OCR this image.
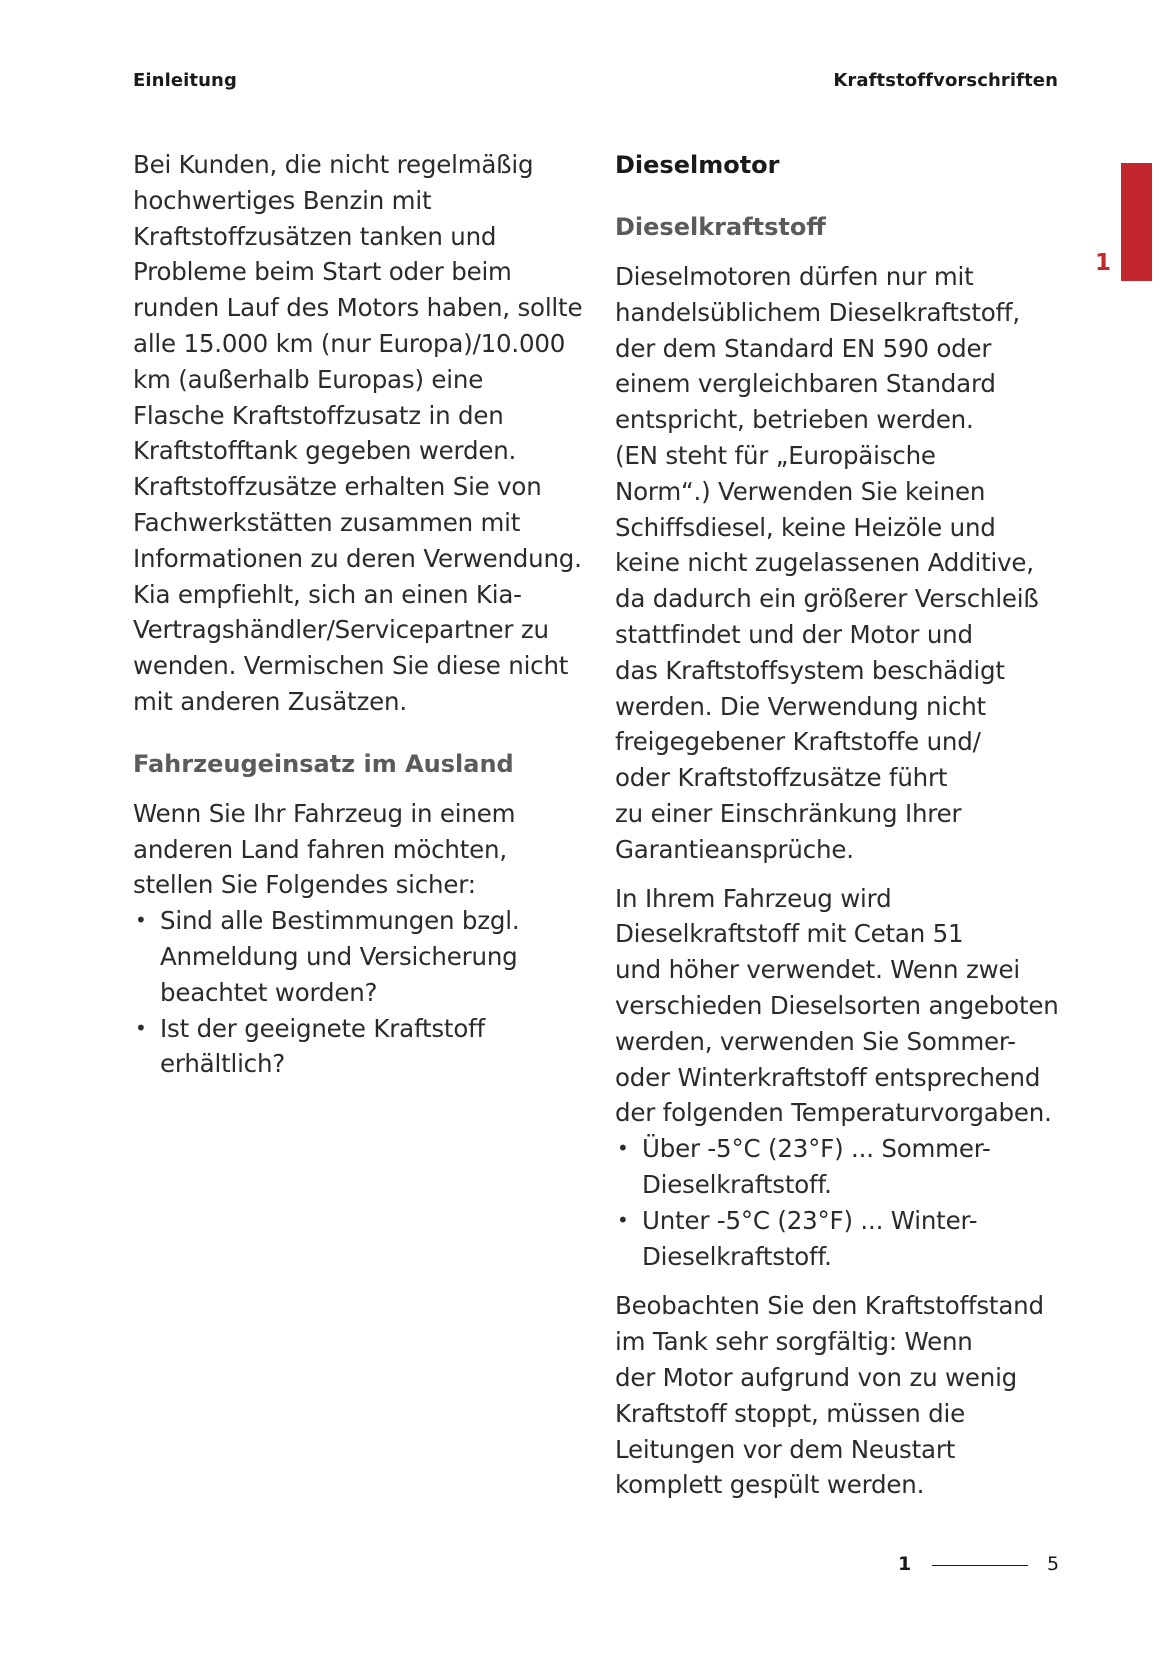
Einleitung	Kraftstoffvorschriften
1
Bei Kunden, die nicht regelmäßig
hochwertiges Benzin mit
Kraftstoffzusätzen tanken und
Probleme beim Start oder beim
runden Lauf des Motors haben, sollte
alle 15.000 km (nur Europa)/10.000
km (außerhalb Europas) eine
Flasche Kraftstoffzusatz in den
Kraftstofftank gegeben werden.
Kraftstoffzusätze erhalten Sie von
Fachwerkstätten zusammen mit
Informationen zu deren Verwendung.
Kia empfiehlt, sich an einen Kia-
Vertragshändler/Servicepartner zu
wenden. Vermischen Sie diese nicht
mit anderen Zusätzen.
Fahrzeugeinsatz im Ausland
Wenn Sie Ihr Fahrzeug in einem
anderen Land fahren möchten,
stellen Sie Folgendes sicher:
• Sind alle Bestimmungen bzgl.
Anmeldung und Versicherung
beachtet worden?
• Ist der geeignete Kraftstoff
erhältlich?
Dieselmotor
Dieselkraftstoff
Dieselmotoren dürfen nur mit
handelsüblichem Dieselkraftstoff,
der dem Standard EN 590 oder
einem vergleichbaren Standard
entspricht, betrieben werden.
(EN steht für „Europäische
Norm“.) Verwenden Sie keinen
Schiffsdiesel, keine Heizöle und
keine nicht zugelassenen Additive,
da dadurch ein größerer Verschleiß
stattfindet und der Motor und
das Kraftstoffsystem beschädigt
werden. Die Verwendung nicht
freigegebener Kraftstoffe und/
oder Kraftstoffzusätze führt
zu einer Einschränkung Ihrer
Garantieansprüche.
In Ihrem Fahrzeug wird
Dieselkraftstoff mit Cetan 51
und höher verwendet. Wenn zwei
verschieden Dieselsorten angeboten
werden, verwenden Sie Sommer-
oder Winterkraftstoff entsprechend
der folgenden Temperaturvorgaben.
• Über -5°C (23°F) ... Sommer-
Dieselkraftstoff.
• Unter -5°C (23°F) ... Winter-
Dieselkraftstoff.
Beobachten Sie den Kraftstoffstand
im Tank sehr sorgfältig: Wenn
der Motor aufgrund von zu wenig
Kraftstoff stoppt, müssen die
Leitungen vor dem Neustart
komplett gespült werden.
1	5
